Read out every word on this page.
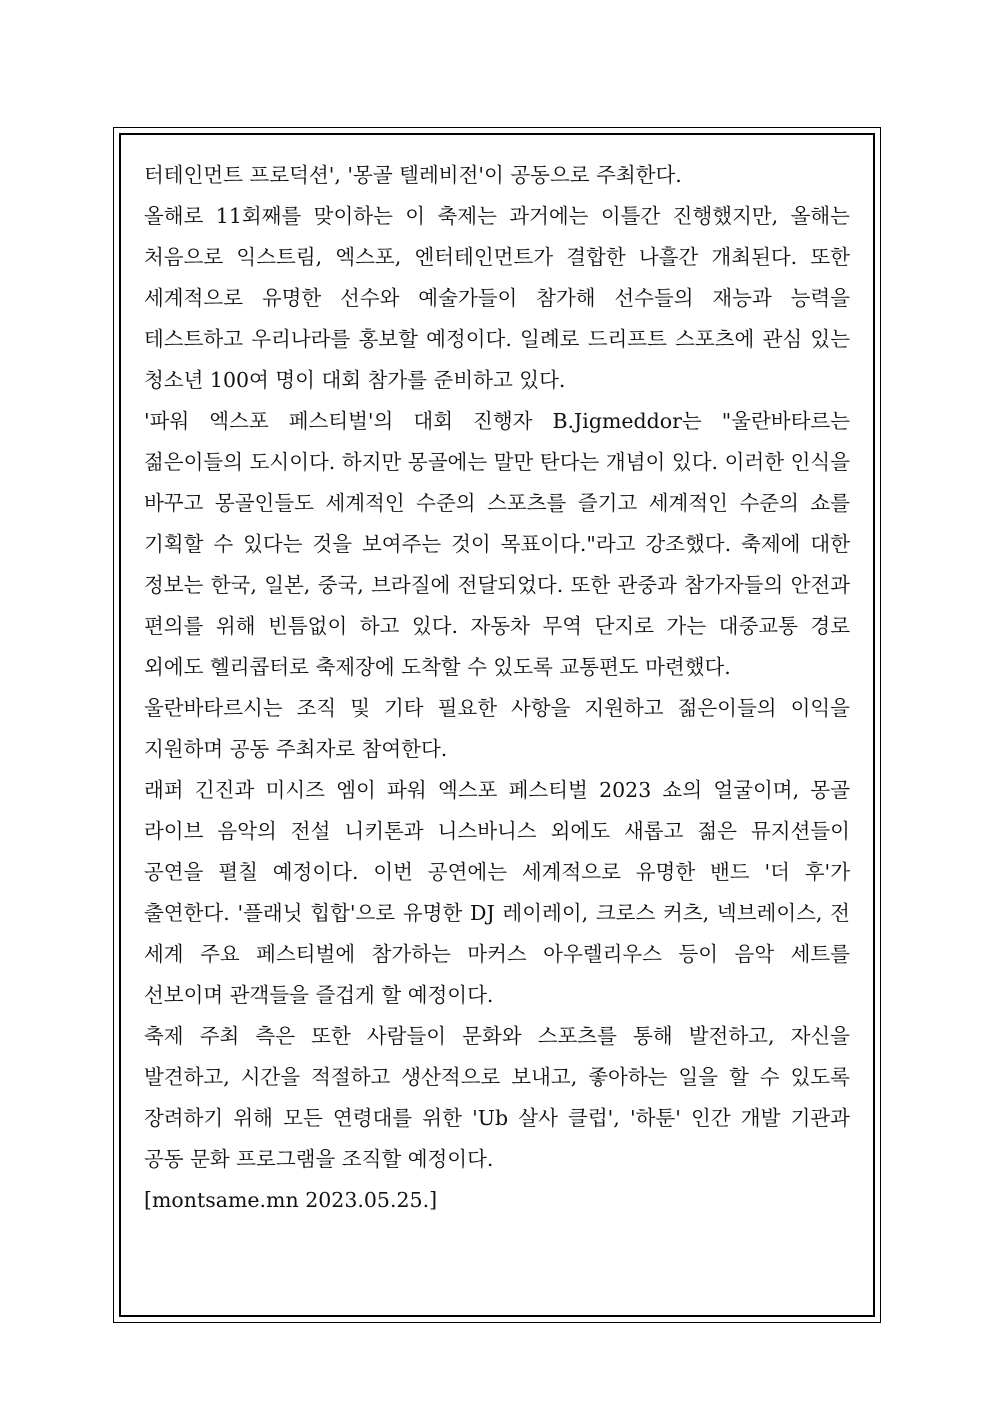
터테인먼트 프로덕션', '몽골 텔레비전'이 공동으로 주최한다.

올해로 11회째를 맞이하는 이 축제는 과거에는 이틀간 진행했지만, 올해는 처음으로 익스트림, 엑스포, 엔터테인먼트가 결합한 나흘간 개최된다. 또한 세계적으로 유명한 선수와 예술가들이 참가해 선수들의 재능과 능력을 테스트하고 우리나라를 홍보할 예정이다. 일례로 드리프트 스포츠에 관심 있는 청소년 100여 명이 대회 참가를 준비하고 있다.

'파워 엑스포 페스티벌'의 대회 진행자 B.Jigmeddor는 "울란바타르는 젊은이들의 도시이다. 하지만 몽골에는 말만 탄다는 개념이 있다. 이러한 인식을 바꾸고 몽골인들도 세계적인 수준의 스포츠를 즐기고 세계적인 수준의 쇼를 기획할 수 있다는 것을 보여주는 것이 목표이다."라고 강조했다. 축제에 대한 정보는 한국, 일본, 중국, 브라질에 전달되었다. 또한 관중과 참가자들의 안전과 편의를 위해 빈틈없이 하고 있다. 자동차 무역 단지로 가는 대중교통 경로 외에도 헬리콥터로 축제장에 도착할 수 있도록 교통편도 마련했다.

울란바타르시는 조직 및 기타 필요한 사항을 지원하고 젊은이들의 이익을 지원하며 공동 주최자로 참여한다.

래퍼 긴진과 미시즈 엠이 파워 엑스포 페스티벌 2023 쇼의 얼굴이며, 몽골 라이브 음악의 전설 니키톤과 니스바니스 외에도 새롭고 젊은 뮤지션들이 공연을 펼칠 예정이다. 이번 공연에는 세계적으로 유명한 밴드 '더 후'가 출연한다. '플래닛 힙합'으로 유명한 DJ 레이레이, 크로스 커츠, 넥브레이스, 전 세계 주요 페스티벌에 참가하는 마커스 아우렐리우스 등이 음악 세트를 선보이며 관객들을 즐겁게 할 예정이다.

축제 주최 측은 또한 사람들이 문화와 스포츠를 통해 발전하고, 자신을 발견하고, 시간을 적절하고 생산적으로 보내고, 좋아하는 일을 할 수 있도록 장려하기 위해 모든 연령대를 위한 'Ub 살사 클럽', '하툰' 인간 개발 기관과 공동 문화 프로그램을 조직할 예정이다.

[montsame.mn 2023.05.25.]
